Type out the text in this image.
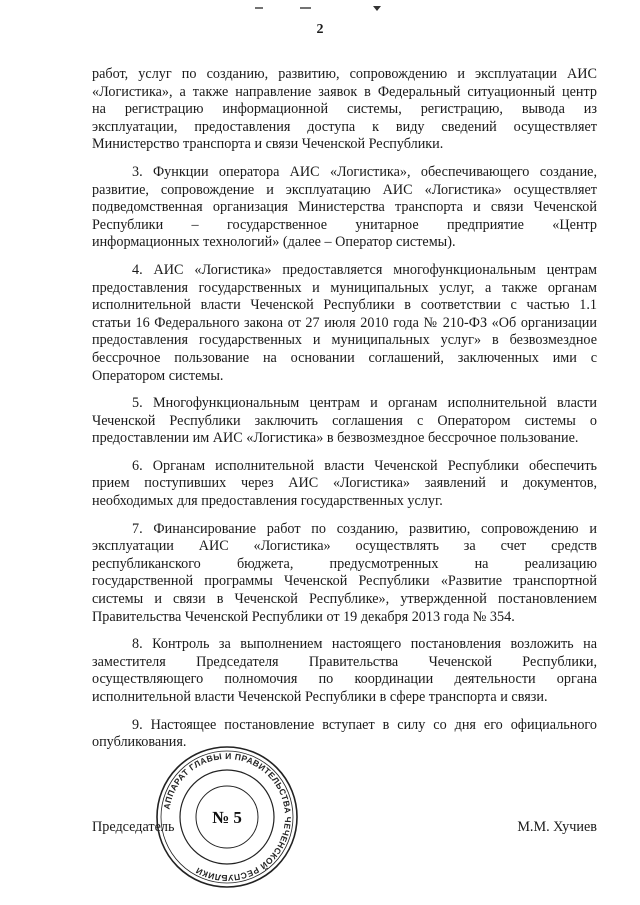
2
работ, услуг по созданию, развитию, сопровождению и эксплуатации АИС
«Логистика», а также направление заявок в Федеральный ситуационный центр
на регистрацию информационной системы, регистрацию, вывода из
эксплуатации, предоставления доступа к виду сведений осуществляет
Министерство транспорта и связи Чеченской Республики.
3. Функции оператора АИС «Логистика», обеспечивающего создание,
развитие, сопровождение и эксплуатацию АИС «Логистика» осуществляет
подведомственная организация Министерства транспорта и связи Чеченской
Республики – государственное унитарное предприятие «Центр
информационных технологий» (далее – Оператор системы).
4. АИС «Логистика» предоставляется многофункциональным центрам
предоставления государственных и муниципальных услуг, а также органам
исполнительной власти Чеченской Республики в соответствии с частью 1.1
статьи 16 Федерального закона от 27 июля 2010 года № 210-ФЗ «Об организации
предоставления государственных и муниципальных услуг» в безвозмездное
бессрочное пользование на основании соглашений, заключенных ими с
Оператором системы.
5. Многофункциональным центрам и органам исполнительной власти
Чеченской Республики заключить соглашения с Оператором системы о
предоставлении им АИС «Логистика» в безвозмездное бессрочное пользование.
6. Органам исполнительной власти Чеченской Республики обеспечить
прием поступивших через АИС «Логистика» заявлений и документов,
необходимых для предоставления государственных услуг.
7. Финансирование работ по созданию, развитию, сопровождению и
эксплуатации АИС «Логистика» осуществлять за счет средств
республиканского бюджета, предусмотренных на реализацию
государственной программы Чеченской Республики «Развитие транспортной
системы и связи в Чеченской Республике», утвержденной постановлением
Правительства Чеченской Республики от 19 декабря 2013 года № 354.
8. Контроль за выполнением настоящего постановления возложить на
заместителя Председателя Правительства Чеченской Республики,
осуществляющего полномочия по координации деятельности органа
исполнительной власти Чеченской Республики в сфере транспорта и связи.
9. Настоящее постановление вступает в силу со дня его официального
опубликования.
Председатель	М.М. Хучиев
АППАРАТ ГЛАВЫ И ПРАВИТЕЛЬСТВА ЧЕЧЕНСКОЙ РЕСПУБЛИКИ
№ 5
